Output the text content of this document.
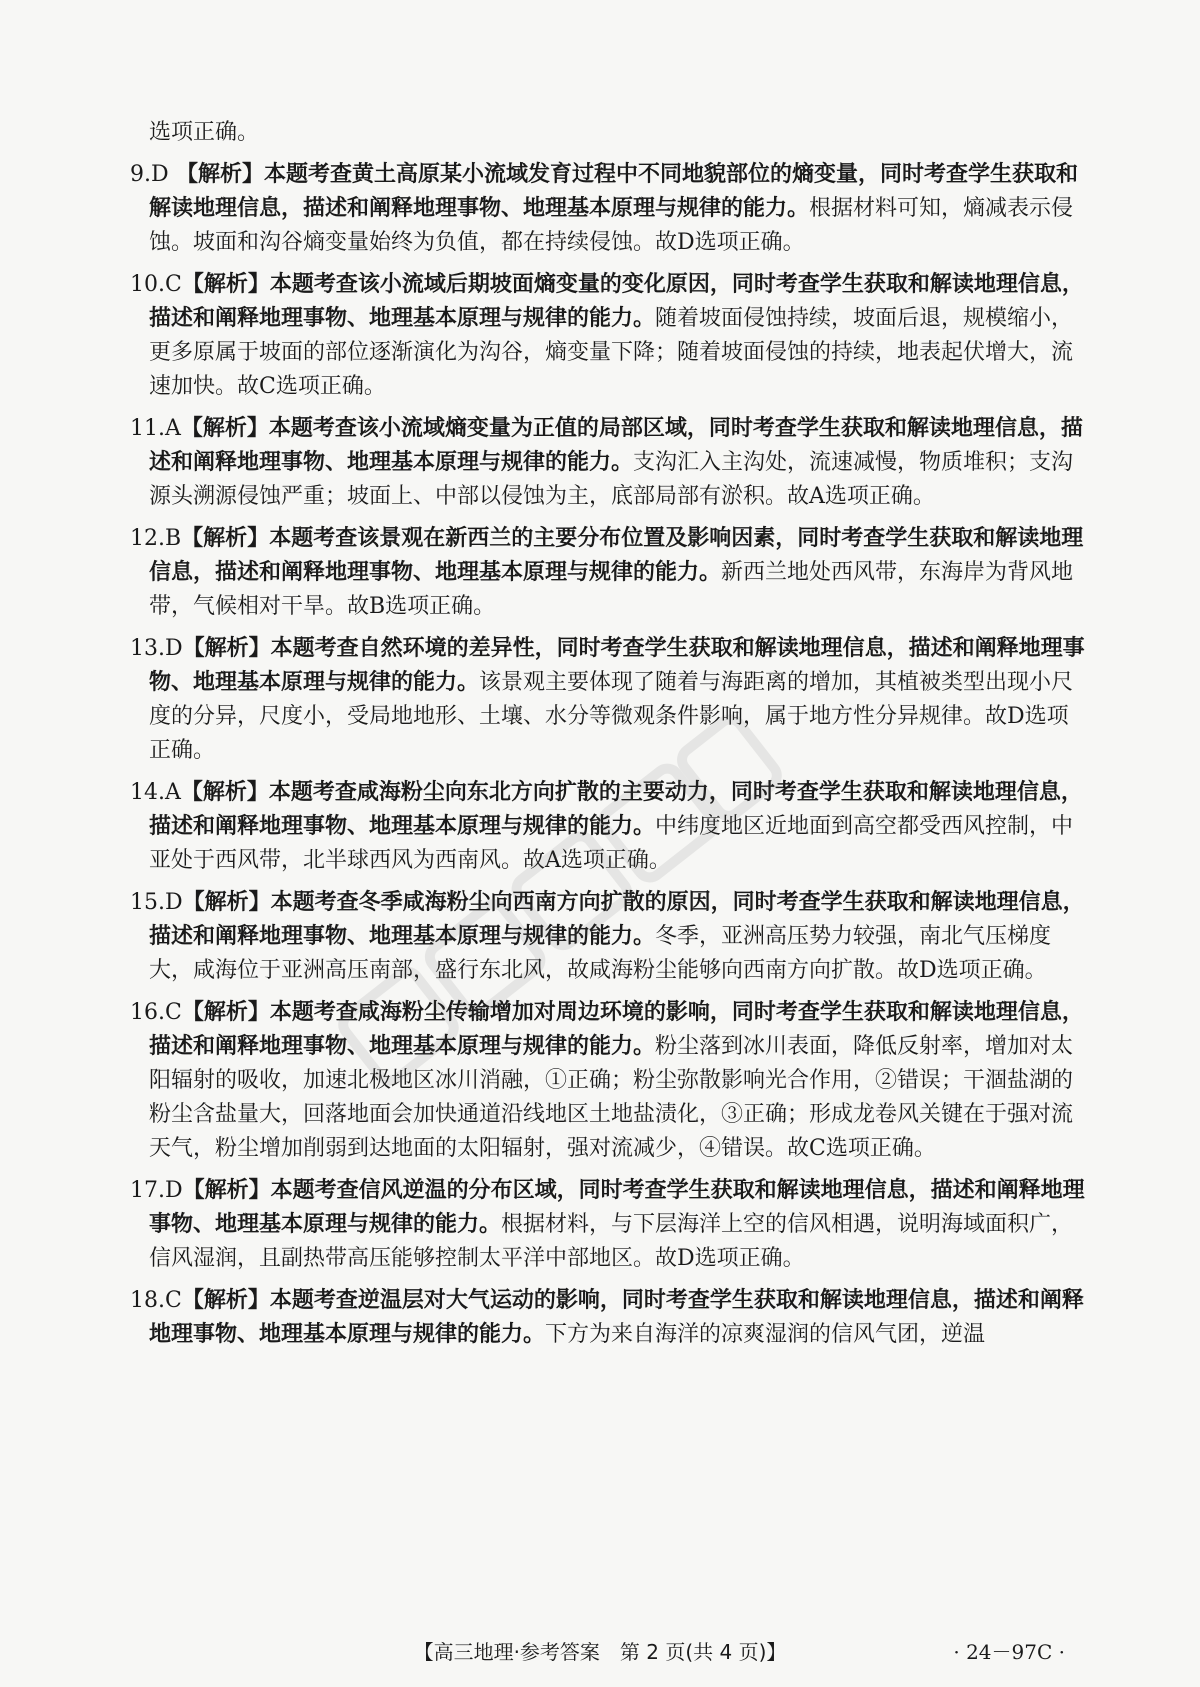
选项正确。
9.D 【解析】本题考查黄土高原某小流域发育过程中不同地貌部位的熵变量，同时考查学生获取和解读地理信息，描述和阐释地理事物、地理基本原理与规律的能力。根据材料可知，熵减表示侵蚀。坡面和沟谷熵变量始终为负值，都在持续侵蚀。故D选项正确。
10.C【解析】本题考查该小流域后期坡面熵变量的变化原因，同时考查学生获取和解读地理信息，描述和阐释地理事物、地理基本原理与规律的能力。随着坡面侵蚀持续，坡面后退，规模缩小，更多原属于坡面的部位逐渐演化为沟谷，熵变量下降；随着坡面侵蚀的持续，地表起伏增大，流速加快。故C选项正确。
11.A【解析】本题考查该小流域熵变量为正值的局部区域，同时考查学生获取和解读地理信息，描述和阐释地理事物、地理基本原理与规律的能力。支沟汇入主沟处，流速减慢，物质堆积；支沟源头溯源侵蚀严重；坡面上、中部以侵蚀为主，底部局部有淤积。故A选项正确。
12.B【解析】本题考查该景观在新西兰的主要分布位置及影响因素，同时考查学生获取和解读地理信息，描述和阐释地理事物、地理基本原理与规律的能力。新西兰地处西风带，东海岸为背风地带，气候相对干旱。故B选项正确。
13.D【解析】本题考查自然环境的差异性，同时考查学生获取和解读地理信息，描述和阐释地理事物、地理基本原理与规律的能力。该景观主要体现了随着与海距离的增加，其植被类型出现小尺度的分异，尺度小，受局地地形、土壤、水分等微观条件影响，属于地方性分异规律。故D选项正确。
14.A【解析】本题考查咸海粉尘向东北方向扩散的主要动力，同时考查学生获取和解读地理信息，描述和阐释地理事物、地理基本原理与规律的能力。中纬度地区近地面到高空都受西风控制，中亚处于西风带，北半球西风为西南风。故A选项正确。
15.D【解析】本题考查冬季咸海粉尘向西南方向扩散的原因，同时考查学生获取和解读地理信息，描述和阐释地理事物、地理基本原理与规律的能力。冬季，亚洲高压势力较强，南北气压梯度大，咸海位于亚洲高压南部，盛行东北风，故咸海粉尘能够向西南方向扩散。故D选项正确。
16.C【解析】本题考查咸海粉尘传输增加对周边环境的影响，同时考查学生获取和解读地理信息，描述和阐释地理事物、地理基本原理与规律的能力。粉尘落到冰川表面，降低反射率，增加对太阳辐射的吸收，加速北极地区冰川消融，①正确；粉尘弥散影响光合作用，②错误；干涸盐湖的粉尘含盐量大，回落地面会加快通道沿线地区土地盐渍化，③正确；形成龙卷风关键在于强对流天气，粉尘增加削弱到达地面的太阳辐射，强对流减少，④错误。故C选项正确。
17.D【解析】本题考查信风逆温的分布区域，同时考查学生获取和解读地理信息，描述和阐释地理事物、地理基本原理与规律的能力。根据材料，与下层海洋上空的信风相遇，说明海域面积广，信风湿润，且副热带高压能够控制太平洋中部地区。故D选项正确。
18.C【解析】本题考查逆温层对大气运动的影响，同时考查学生获取和解读地理信息，描述和阐释地理事物、地理基本原理与规律的能力。下方为来自海洋的凉爽湿润的信风气团，逆温
【高三地理·参考答案　第 2 页(共 4 页)】	· 24－97C ·
